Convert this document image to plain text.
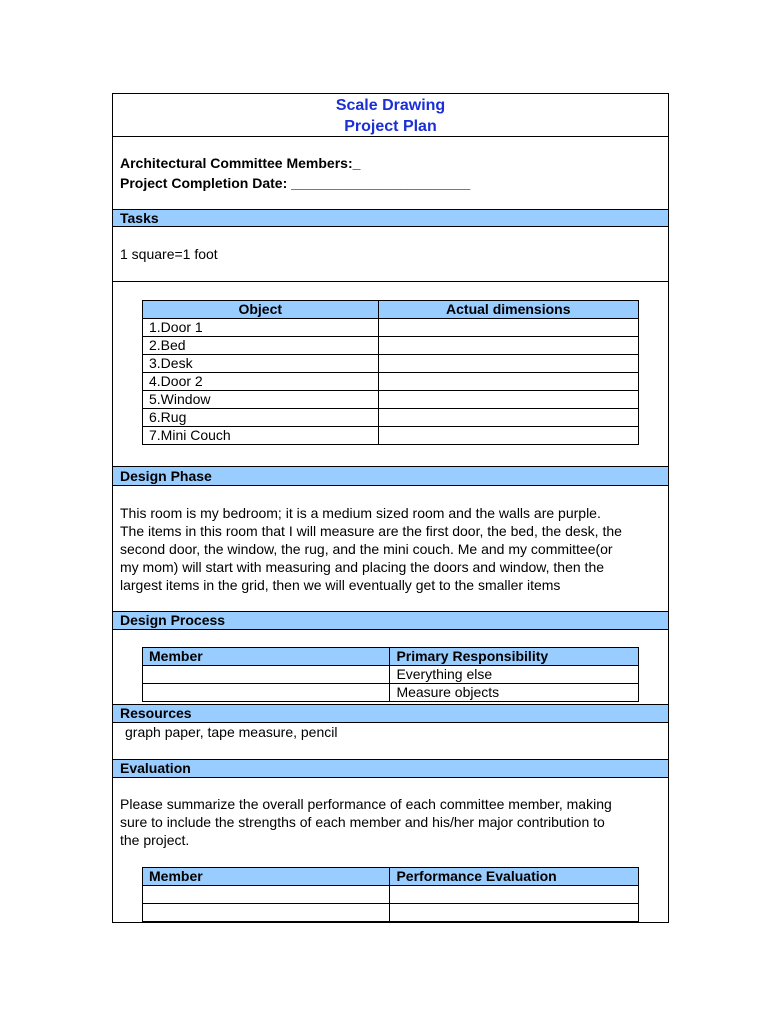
Scale Drawing
Project Plan
Architectural Committee Members:_
Project Completion Date: _______________________
Tasks
1 square=1 foot
Object	Actual dimensions
1.Door 1	
2.Bed	
3.Desk	
4.Door 2	
5.Window	
6.Rug	
7.Mini Couch	
Design Phase
This room is my bedroom; it is a medium sized room and the walls are purple.
The items in this room that I will measure are the first door, the bed, the desk, the
second door, the window, the rug, and the mini couch. Me and my committee(or
my mom) will start with measuring and placing the doors and window, then the
largest items in the grid, then we will eventually get to the smaller items
Design Process
Member	Primary Responsibility
	Everything else
	Measure objects
Resources
graph paper, tape measure, pencil
Evaluation
Please summarize the overall performance of each committee member, making
sure to include the strengths of each member and his/her major contribution to
the project.
Member	Performance Evaluation
